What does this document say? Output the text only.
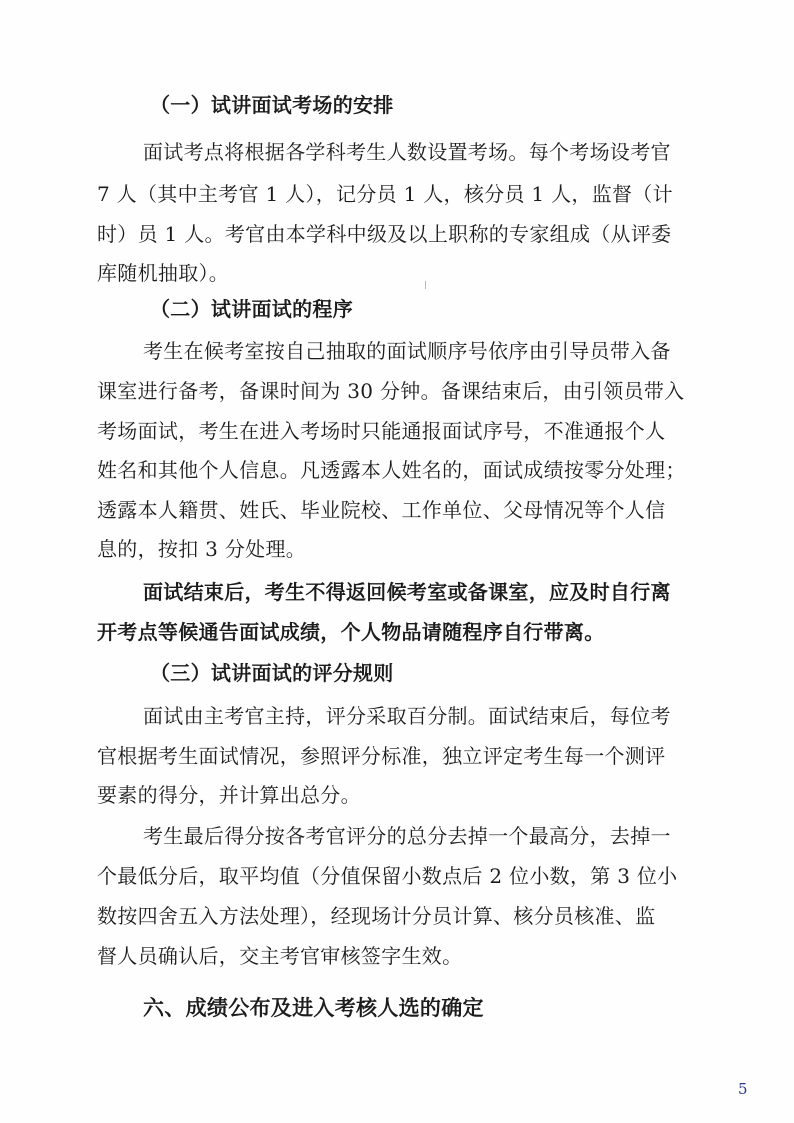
（一）试讲面试考场的安排
面试考点将根据各学科考生人数设置考场。每个考场设考官
7 人（其中主考官 1 人），记分员 1 人，核分员 1 人，监督（计
时）员 1 人。考官由本学科中级及以上职称的专家组成（从评委
库随机抽取）。
（二）试讲面试的程序
考生在候考室按自己抽取的面试顺序号依序由引导员带入备
课室进行备考，备课时间为 30 分钟。备课结束后，由引领员带入
考场面试，考生在进入考场时只能通报面试序号，不准通报个人
姓名和其他个人信息。凡透露本人姓名的，面试成绩按零分处理；
透露本人籍贯、姓氏、毕业院校、工作单位、父母情况等个人信
息的，按扣 3 分处理。
面试结束后，考生不得返回候考室或备课室，应及时自行离
开考点等候通告面试成绩，个人物品请随程序自行带离。
（三）试讲面试的评分规则
面试由主考官主持，评分采取百分制。面试结束后，每位考
官根据考生面试情况，参照评分标准，独立评定考生每一个测评
要素的得分，并计算出总分。
考生最后得分按各考官评分的总分去掉一个最高分，去掉一
个最低分后，取平均值（分值保留小数点后 2 位小数，第 3 位小
数按四舍五入方法处理），经现场计分员计算、核分员核准、监
督人员确认后，交主考官审核签字生效。
六、成绩公布及进入考核人选的确定
5
